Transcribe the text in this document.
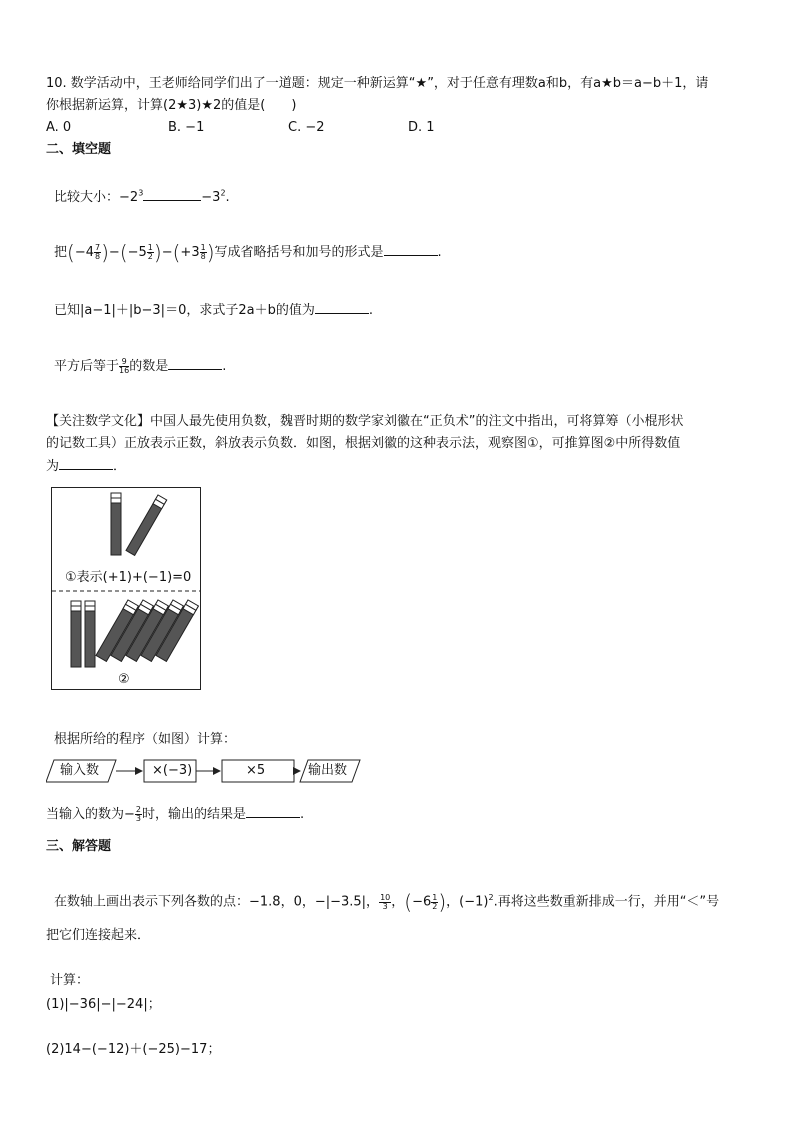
10. 数学活动中，王老师给同学们出了一道题：规定一种新运算“★”，对于任意有理数a和b，有a★b＝a−b＋1，请
你根据新运算，计算(2★3)★2的值是(　　)
A. 0	B. −1	C. −2	D. 1
二、填空题
比较大小：$-2^3$	$-3^2$.
把$(-4 \frac{7}{8} )-(-5 \frac{1}{2} )-(+3 \frac{1}{8}$ )写成省略括号和加号的形式是	.
已知|a−1|＋|b−3|＝0，求式子2a＋b的值为	.
平方后等于 $\frac{9}{16}$ 的数是	.
【关注数学文化】中国人最先使用负数，魏晋时期的数学家刘徽在“正负术”的注文中指出，可将算筹（小棍形状
的记数工具）正放表示正数，斜放表示负数．如图，根据刘徽的这种表示法，观察图①，可推算图②中所得数值
为	．
①表示(+1)+(−1)=0
②
根据所给的程序（如图）计算：
输入数	×(−3)	×5	输出数
当输入的数为− $\frac{2}{3}$ 时，输出的结果是	.
三、解答题
在数轴上画出表示下列各数的点：−1.8，0，−|−3.5|， $\frac{10}{3}$ ，($-6 \frac{1}{2}$ )，$(-1)^2$.再将这些数重新排成一行，并用“＜”号
把它们连接起来．
计算：
(1)|−36|−|−24|；
(2)14−(−12)＋(−25)−17；
